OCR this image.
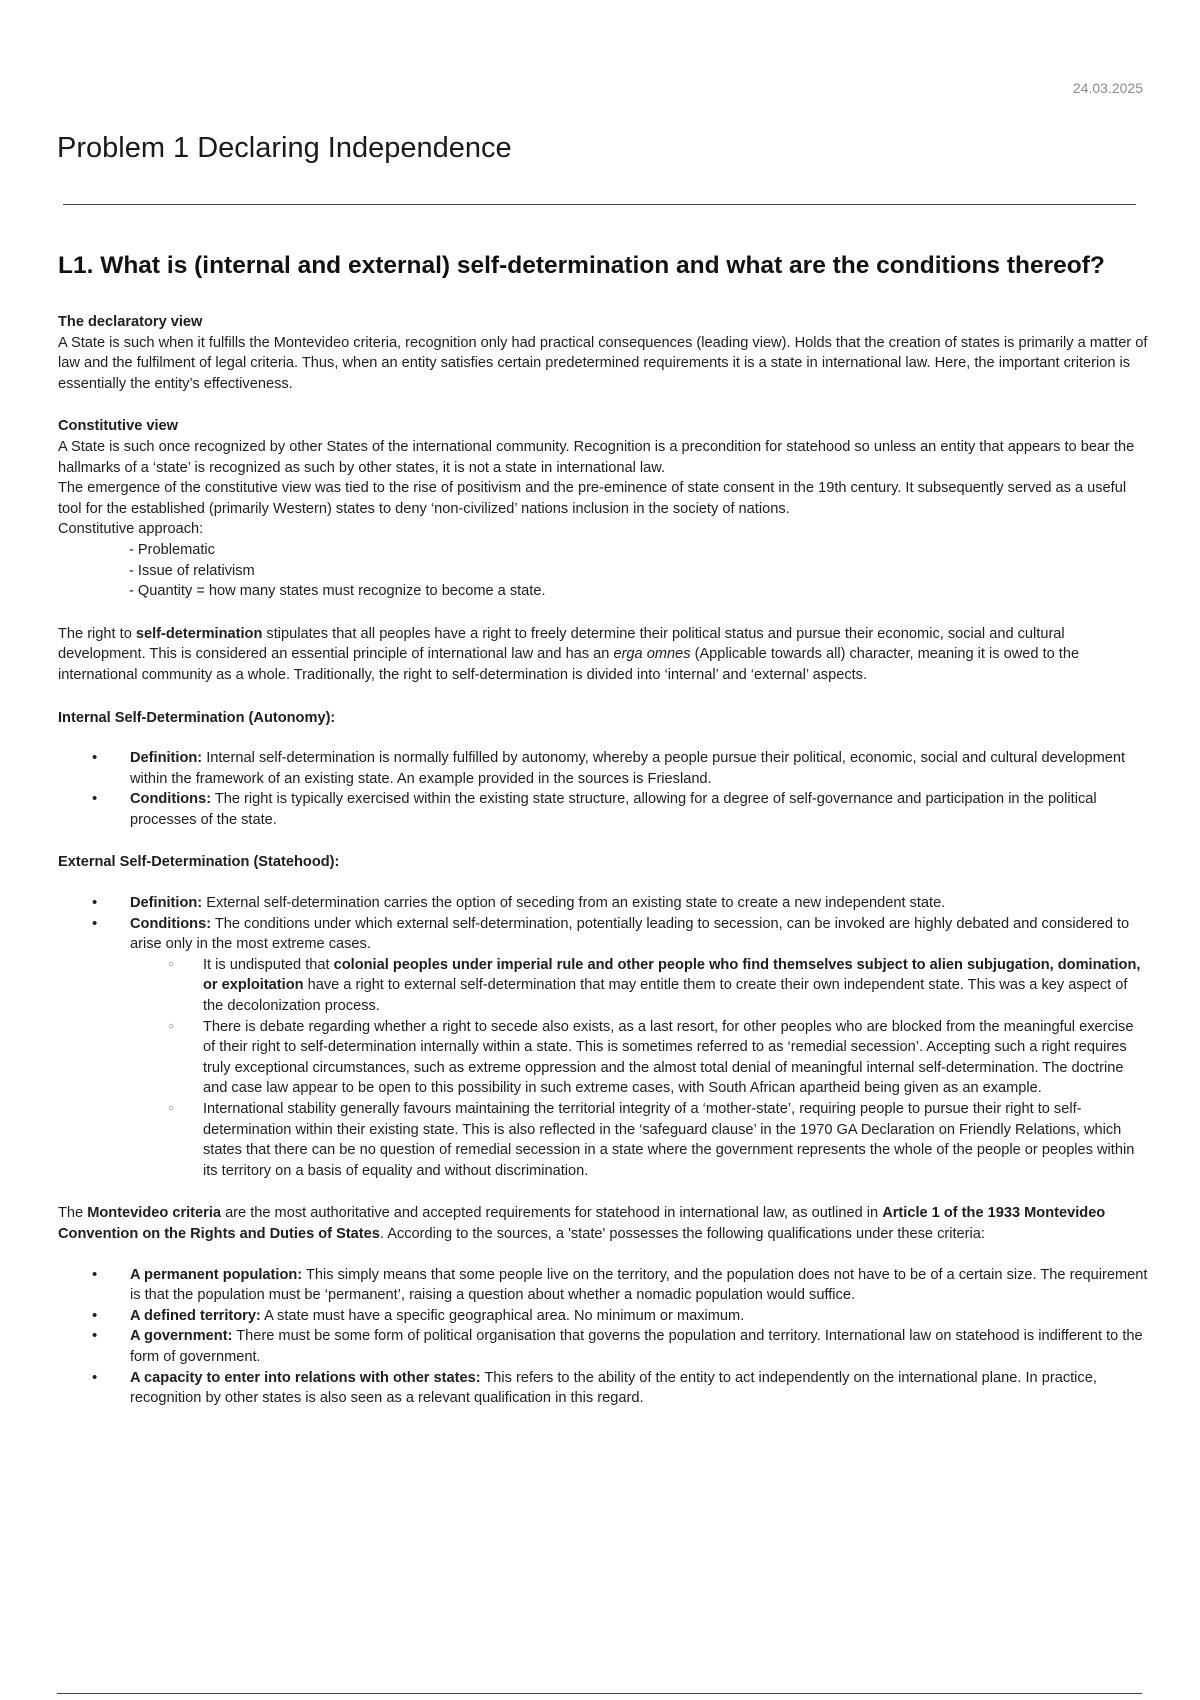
24.03.2025
Problem 1 Declaring Independence
L1. What is (internal and external) self-determination and what are the conditions thereof?

The declaratory view

A State is such when it fulfills the Montevideo criteria, recognition only had practical consequences (leading view). Holds that the creation of states is primarily a matter of law and the fulfilment of legal criteria. Thus, when an entity satisfies certain predetermined requirements it is a state in international law. Here, the important criterion is essentially the entity’s effectiveness.

Constitutive view

A State is such once recognized by other States of the international community. Recognition is a precondition for statehood so unless an entity that appears to bear the hallmarks of a ‘state’ is recognized as such by other states, it is not a state in international law.

The emergence of the constitutive view was tied to the rise of positivism and the pre-eminence of state consent in the 19th century. It subsequently served as a useful tool for the established (primarily Western) states to deny ‘non-civilized’ nations inclusion in the society of nations.

Constitutive approach:

- Problematic

- Issue of relativism

- Quantity = how many states must recognize to become a state.

The right to self-determination stipulates that all peoples have a right to freely determine their political status and pursue their economic, social and cultural development. This is considered an essential principle of international law and has an erga omnes (Applicable towards all) character, meaning it is owed to the international community as a whole. Traditionally, the right to self-determination is divided into ‘internal’ and ‘external’ aspects.

Internal Self-Determination (Autonomy):

• Definition: Internal self-determination is normally fulfilled by autonomy, whereby a people pursue their political, economic, social and cultural development within the framework of an existing state. An example provided in the sources is Friesland.
• Conditions: The right is typically exercised within the existing state structure, allowing for a degree of self-governance and participation in the political processes of the state.

External Self-Determination (Statehood):

• Definition: External self-determination carries the option of seceding from an existing state to create a new independent state.
• Conditions: The conditions under which external self-determination, potentially leading to secession, can be invoked are highly debated and considered to arise only in the most extreme cases.
○ It is undisputed that colonial peoples under imperial rule and other people who find themselves subject to alien subjugation, domination, or exploitation have a right to external self-determination that may entitle them to create their own independent state. This was a key aspect of the decolonization process.
○ There is debate regarding whether a right to secede also exists, as a last resort, for other peoples who are blocked from the meaningful exercise of their right to self-determination internally within a state. This is sometimes referred to as ‘remedial secession’. Accepting such a right requires truly exceptional circumstances, such as extreme oppression and the almost total denial of meaningful internal self-determination. The doctrine and case law appear to be open to this possibility in such extreme cases, with South African apartheid being given as an example.
○ International stability generally favours maintaining the territorial integrity of a ‘mother-state’, requiring people to pursue their right to self-determination within their existing state. This is also reflected in the ‘safeguard clause’ in the 1970 GA Declaration on Friendly Relations, which states that there can be no question of remedial secession in a state where the government represents the whole of the people or peoples within its territory on a basis of equality and without discrimination.

The Montevideo criteria are the most authoritative and accepted requirements for statehood in international law, as outlined in Article 1 of the 1933 Montevideo Convention on the Rights and Duties of States. According to the sources, a 'state' possesses the following qualifications under these criteria:

• A permanent population: This simply means that some people live on the territory, and the population does not have to be of a certain size. The requirement is that the population must be ‘permanent’, raising a question about whether a nomadic population would suffice.
• A defined territory: A state must have a specific geographical area. No minimum or maximum.
• A government: There must be some form of political organisation that governs the population and territory. International law on statehood is indifferent to the form of government.
• A capacity to enter into relations with other states: This refers to the ability of the entity to act independently on the international plane. In practice, recognition by other states is also seen as a relevant qualification in this regard.
